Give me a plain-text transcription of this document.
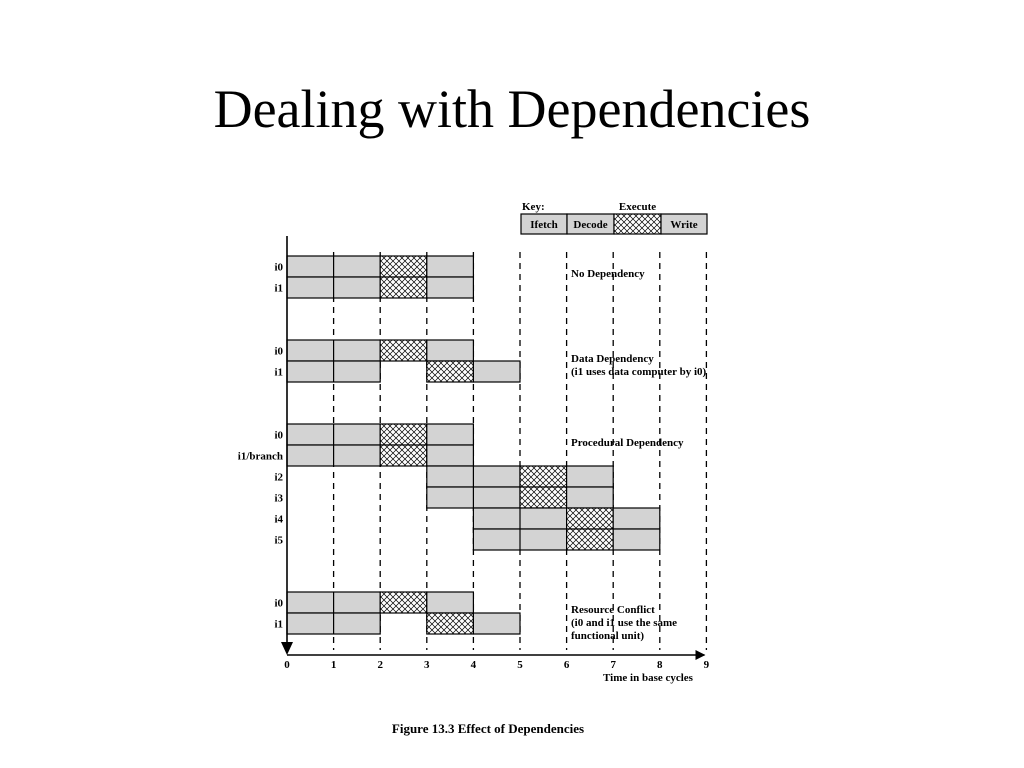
Dealing with Dependencies
i0
i1
No Dependency
i0
i1
Data Dependency
(i1 uses data computer by i0)
i0
i1/branch
i2
i3
i4
i5
Procedural Dependency
i0
i1
Resource Conflict
(i0 and i1 use the same
functional unit)
0	1	2	3	4	5	6	7	8	9
Time in base cycles
Key:
Ifetch Decode
Execute
Write
Figure 13.3 Effect of Dependencies
